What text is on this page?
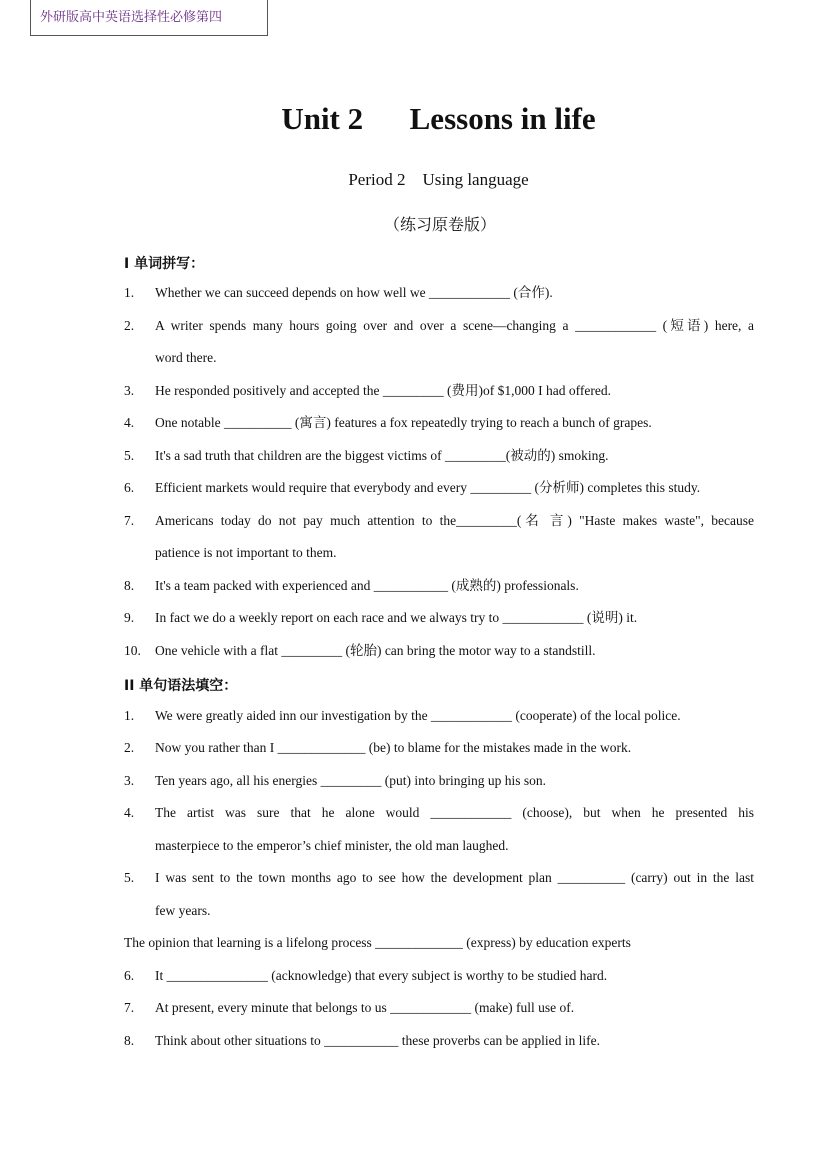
外研版高中英语选择性必修第四
Unit 2      Lessons in life
Period 2    Using language
（练习原卷版）
I 单词拼写：
1. Whether we can succeed depends on how well we ____________ (合作).
2. A writer spends many hours going over and over a scene—changing a ____________ (短语) here, a
word there.
3. He responded positively and accepted the _________ (费用)of $1,000 I had offered.
4. One notable __________ (寓言) features a fox repeatedly trying to reach a bunch of grapes.
5. It's a sad truth that children are the biggest victims of _________(被动的) smoking.
6. Efficient markets would require that everybody and every _________ (分析师) completes this study.
7. Americans today do not pay much attention to the_________(名 言) "Haste makes waste", because
patience is not important to them.
8. It's a team packed with experienced and ___________ (成熟的) professionals.
9. In fact we do a weekly report on each race and we always try to ____________ (说明) it.
10. One vehicle with a flat _________ (轮胎) can bring the motor way to a standstill.
II 单句语法填空：
1. We were greatly aided inn our investigation by the ____________ (cooperate) of the local police.
2. Now you rather than I _____________ (be) to blame for the mistakes made in the work.
3. Ten years ago, all his energies _________ (put) into bringing up his son.
4. The artist was sure that he alone would ____________ (choose), but when he presented his
masterpiece to the emperor’s chief minister, the old man laughed.
5. I was sent to the town months ago to see how the development plan __________ (carry) out in the last
few years.
The opinion that learning is a lifelong process _____________ (express) by education experts
6. It _______________ (acknowledge) that every subject is worthy to be studied hard.
7. At present, every minute that belongs to us ____________ (make) full use of.
8. Think about other situations to ___________ these proverbs can be applied in life.
